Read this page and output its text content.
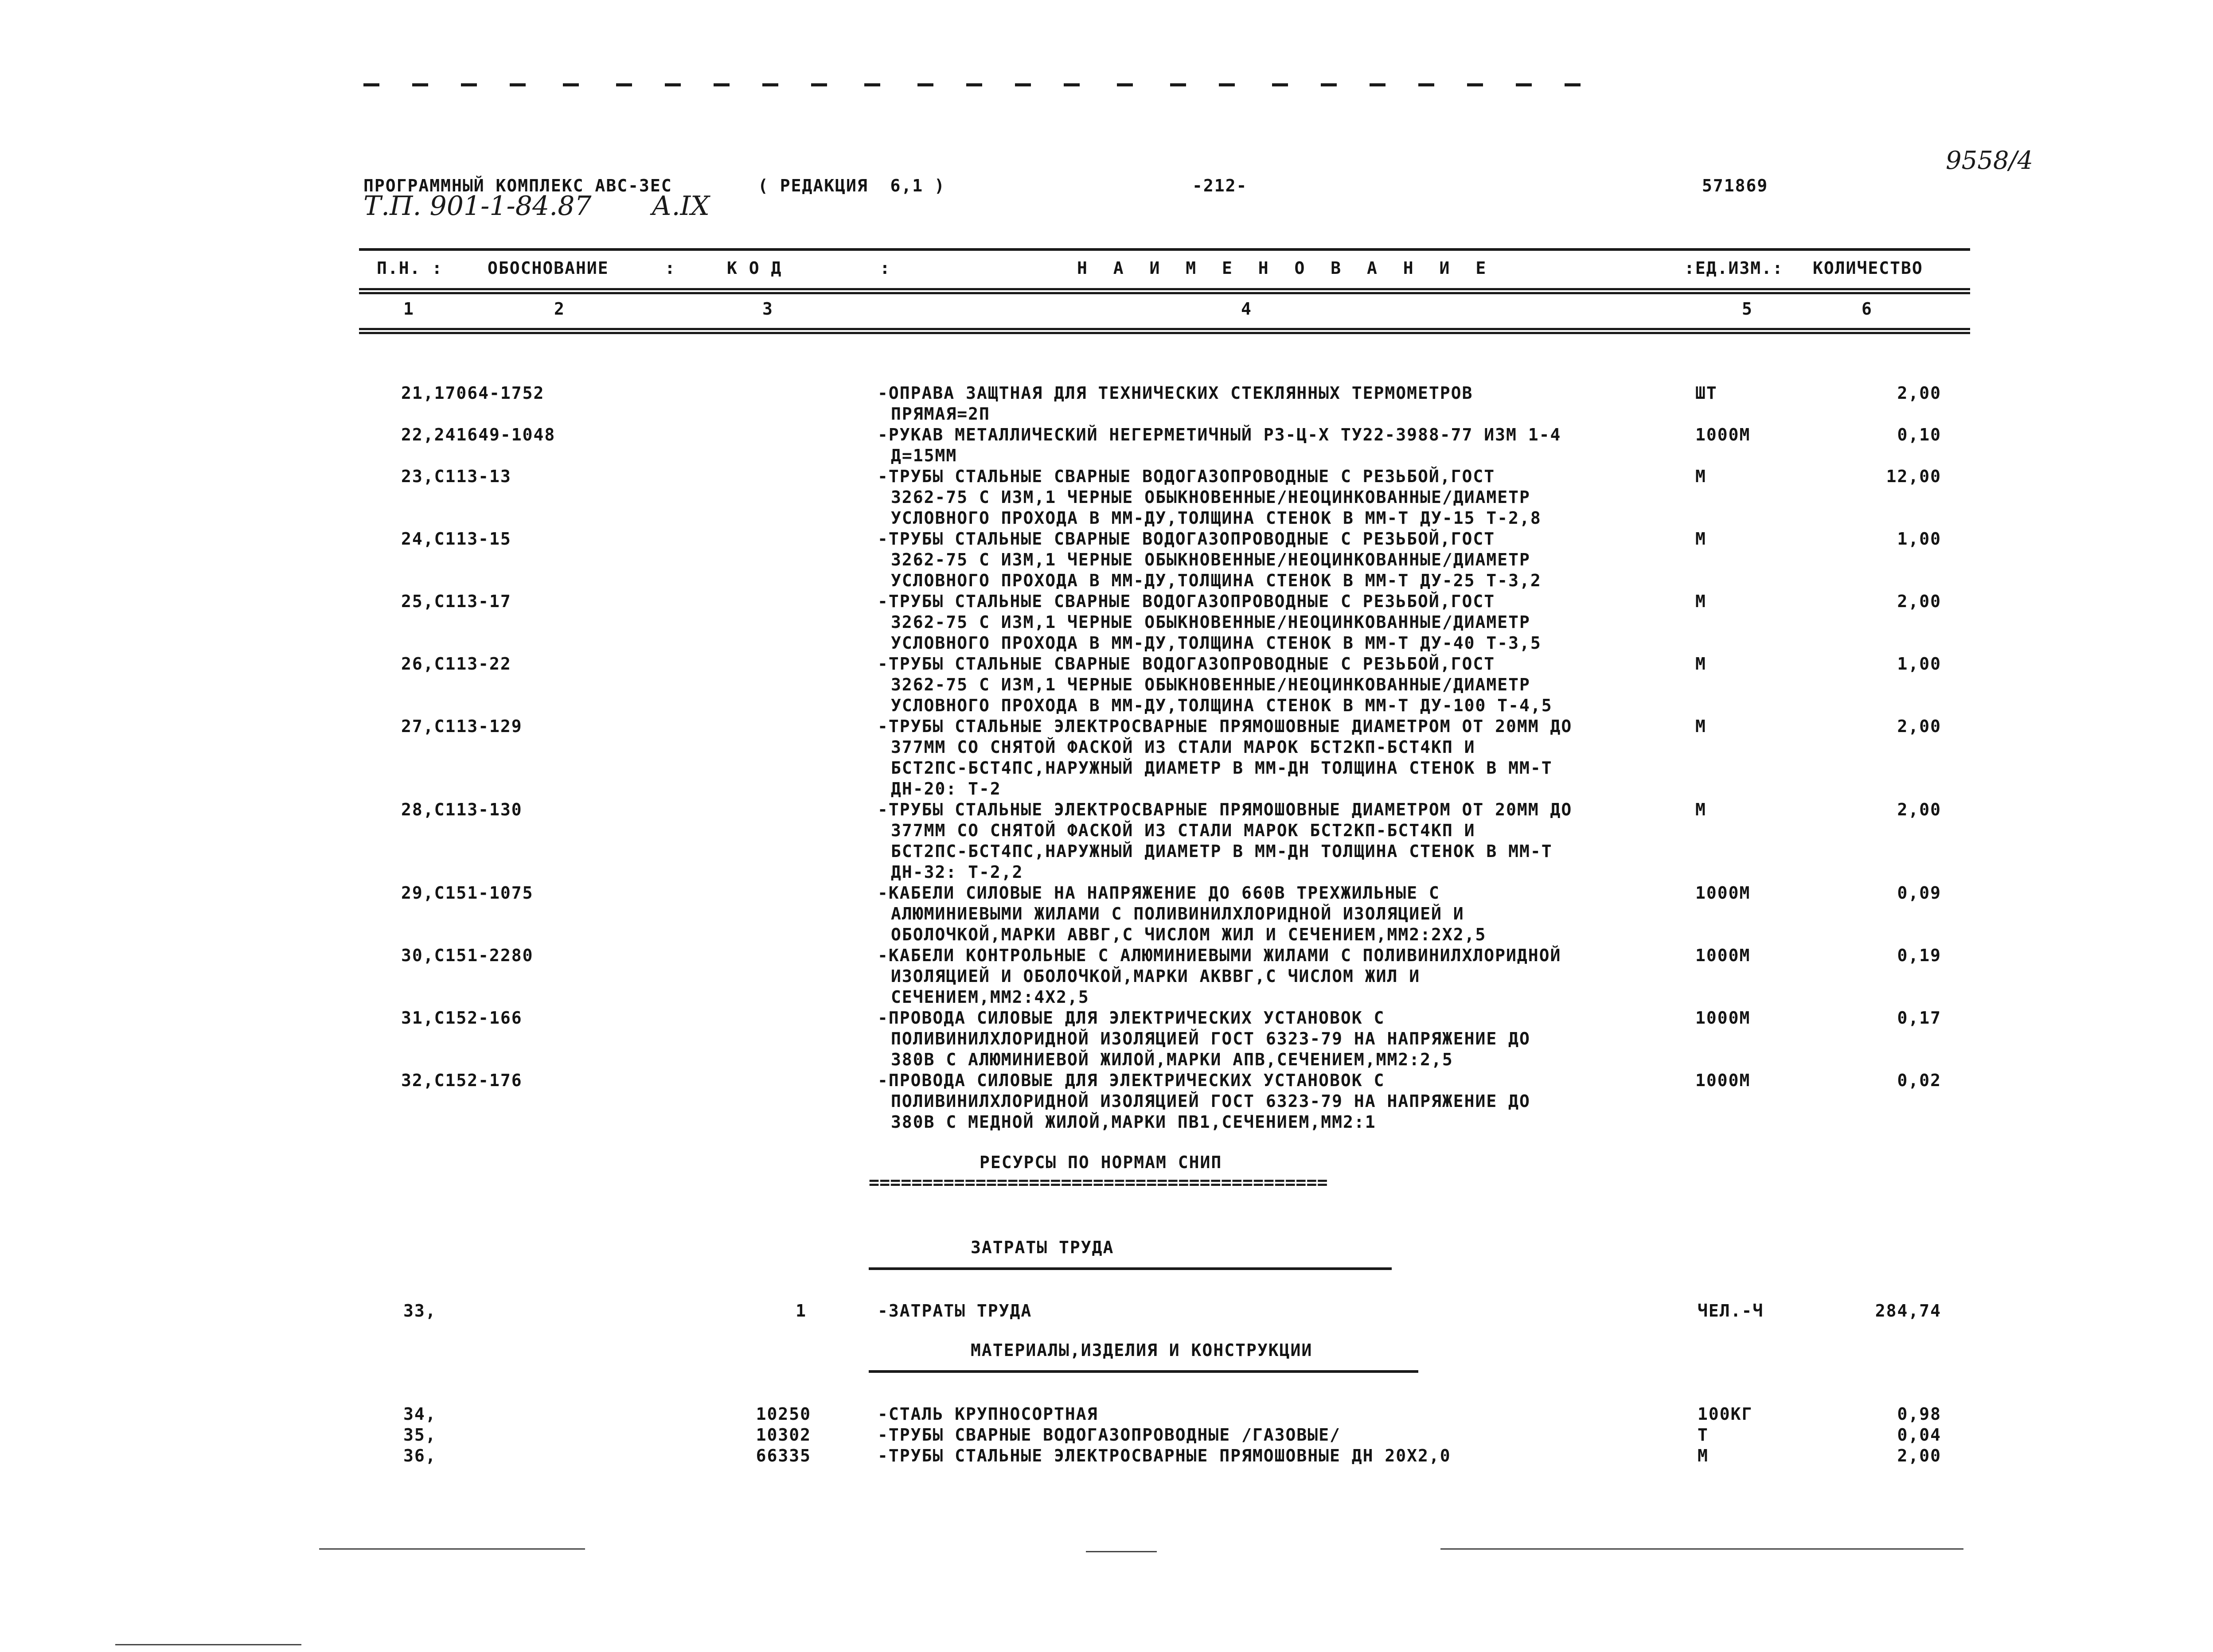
ПРОГРАММНЫЙ КОМПЛЕКС АВС-3ЕС	( РЕДАКЦИЯ  6,1 )	-212-	571869
Т.П. 901-1-84.87 А.IX
9558/4
П.Н. :	ОБОСНОВАНИЕ	:	К О Д	:	Н А И М Е Н О В А Н И Е	:ЕД.ИЗМ.: КОЛИЧЕСТВО
1	2	3	4	5	6
21,17064-1752	-ОПРАВА ЗАЩТНАЯ ДЛЯ ТЕХНИЧЕСКИХ СТЕКЛЯННЫХ ТЕРМОМЕТРОВ
ПРЯМАЯ=2П
ШТ	2,00
22,241649-1048	-РУКАВ МЕТАЛЛИЧЕСКИЙ НЕГЕРМЕТИЧНЫЙ РЗ-Ц-Х ТУ22-3988-77 ИЗМ 1-4
Д=15ММ
1000М	0,10
23,С113-13	-ТРУБЫ СТАЛЬНЫЕ СВАРНЫЕ ВОДОГАЗОПРОВОДНЫЕ С РЕЗЬБОЙ,ГОСТ
3262-75 С ИЗМ,1 ЧЕРНЫЕ ОБЫКНОВЕННЫЕ/НЕОЦИНКОВАННЫЕ/ДИАМЕТР
УСЛОВНОГО ПРОХОДА В ММ-ДУ,ТОЛЩИНА СТЕНОК В ММ-Т ДУ-15 Т-2,8
М	12,00
24,С113-15	-ТРУБЫ СТАЛЬНЫЕ СВАРНЫЕ ВОДОГАЗОПРОВОДНЫЕ С РЕЗЬБОЙ,ГОСТ
3262-75 С ИЗМ,1 ЧЕРНЫЕ ОБЫКНОВЕННЫЕ/НЕОЦИНКОВАННЫЕ/ДИАМЕТР
УСЛОВНОГО ПРОХОДА В ММ-ДУ,ТОЛЩИНА СТЕНОК В ММ-Т ДУ-25 Т-3,2
М	1,00
25,С113-17	-ТРУБЫ СТАЛЬНЫЕ СВАРНЫЕ ВОДОГАЗОПРОВОДНЫЕ С РЕЗЬБОЙ,ГОСТ
3262-75 С ИЗМ,1 ЧЕРНЫЕ ОБЫКНОВЕННЫЕ/НЕОЦИНКОВАННЫЕ/ДИАМЕТР
УСЛОВНОГО ПРОХОДА В ММ-ДУ,ТОЛЩИНА СТЕНОК В ММ-Т ДУ-40 Т-3,5
М	2,00
26,С113-22	-ТРУБЫ СТАЛЬНЫЕ СВАРНЫЕ ВОДОГАЗОПРОВОДНЫЕ С РЕЗЬБОЙ,ГОСТ
3262-75 С ИЗМ,1 ЧЕРНЫЕ ОБЫКНОВЕННЫЕ/НЕОЦИНКОВАННЫЕ/ДИАМЕТР
УСЛОВНОГО ПРОХОДА В ММ-ДУ,ТОЛЩИНА СТЕНОК В ММ-Т ДУ-100 Т-4,5
М	1,00
27,С113-129	-ТРУБЫ СТАЛЬНЫЕ ЭЛЕКТРОСВАРНЫЕ ПРЯМОШОВНЫЕ ДИАМЕТРОМ ОТ 20ММ ДО
377ММ СО СНЯТОЙ ФАСКОЙ ИЗ СТАЛИ МАРОК БСТ2КП-БСТ4КП И
БСТ2ПС-БСТ4ПС,НАРУЖНЫЙ ДИАМЕТР В ММ-ДН ТОЛЩИНА СТЕНОК В ММ-Т
ДН-20: Т-2
М	2,00
28,С113-130	-ТРУБЫ СТАЛЬНЫЕ ЭЛЕКТРОСВАРНЫЕ ПРЯМОШОВНЫЕ ДИАМЕТРОМ ОТ 20ММ ДО
377ММ СО СНЯТОЙ ФАСКОЙ ИЗ СТАЛИ МАРОК БСТ2КП-БСТ4КП И
БСТ2ПС-БСТ4ПС,НАРУЖНЫЙ ДИАМЕТР В ММ-ДН ТОЛЩИНА СТЕНОК В ММ-Т
ДН-32: Т-2,2
М	2,00
29,С151-1075	-КАБЕЛИ СИЛОВЫЕ НА НАПРЯЖЕНИЕ ДО 660В ТРЕХЖИЛЬНЫЕ С
АЛЮМИНИЕВЫМИ ЖИЛАМИ С ПОЛИВИНИЛХЛОРИДНОЙ ИЗОЛЯЦИЕЙ И
ОБОЛОЧКОЙ,МАРКИ АВВГ,С ЧИСЛОМ ЖИЛ И СЕЧЕНИЕМ,ММ2:2Х2,5
1000М	0,09
30,С151-2280	-КАБЕЛИ КОНТРОЛЬНЫЕ С АЛЮМИНИЕВЫМИ ЖИЛАМИ С ПОЛИВИНИЛХЛОРИДНОЙ
ИЗОЛЯЦИЕЙ И ОБОЛОЧКОЙ,МАРКИ АКВВГ,С ЧИСЛОМ ЖИЛ И
СЕЧЕНИЕМ,ММ2:4Х2,5
1000М	0,19
31,С152-166	-ПРОВОДА СИЛОВЫЕ ДЛЯ ЭЛЕКТРИЧЕСКИХ УСТАНОВОК С
ПОЛИВИНИЛХЛОРИДНОЙ ИЗОЛЯЦИЕЙ ГОСТ 6323-79 НА НАПРЯЖЕНИЕ ДО
380В С АЛЮМИНИЕВОЙ ЖИЛОЙ,МАРКИ АПВ,СЕЧЕНИЕМ,ММ2:2,5
1000М	0,17
32,С152-176	-ПРОВОДА СИЛОВЫЕ ДЛЯ ЭЛЕКТРИЧЕСКИХ УСТАНОВОК С
ПОЛИВИНИЛХЛОРИДНОЙ ИЗОЛЯЦИЕЙ ГОСТ 6323-79 НА НАПРЯЖЕНИЕ ДО
380В С МЕДНОЙ ЖИЛОЙ,МАРКИ ПВ1,СЕЧЕНИЕМ,ММ2:1
1000М	0,02
РЕСУРСЫ ПО НОРМАМ СНИП
===========================================
ЗАТРАТЫ ТРУДА
33,	1	-ЗАТРАТЫ ТРУДА	ЧЕЛ.-Ч	284,74
МАТЕРИАЛЫ,ИЗДЕЛИЯ И КОНСТРУКЦИИ
34,	10250	-СТАЛЬ КРУПНОСОРТНАЯ	100КГ	0,98
35,	10302	-ТРУБЫ СВАРНЫЕ ВОДОГАЗОПРОВОДНЫЕ /ГАЗОВЫЕ/	Т	0,04
36,	66335	-ТРУБЫ СТАЛЬНЫЕ ЭЛЕКТРОСВАРНЫЕ ПРЯМОШОВНЫЕ ДН 20Х2,0	М	2,00
